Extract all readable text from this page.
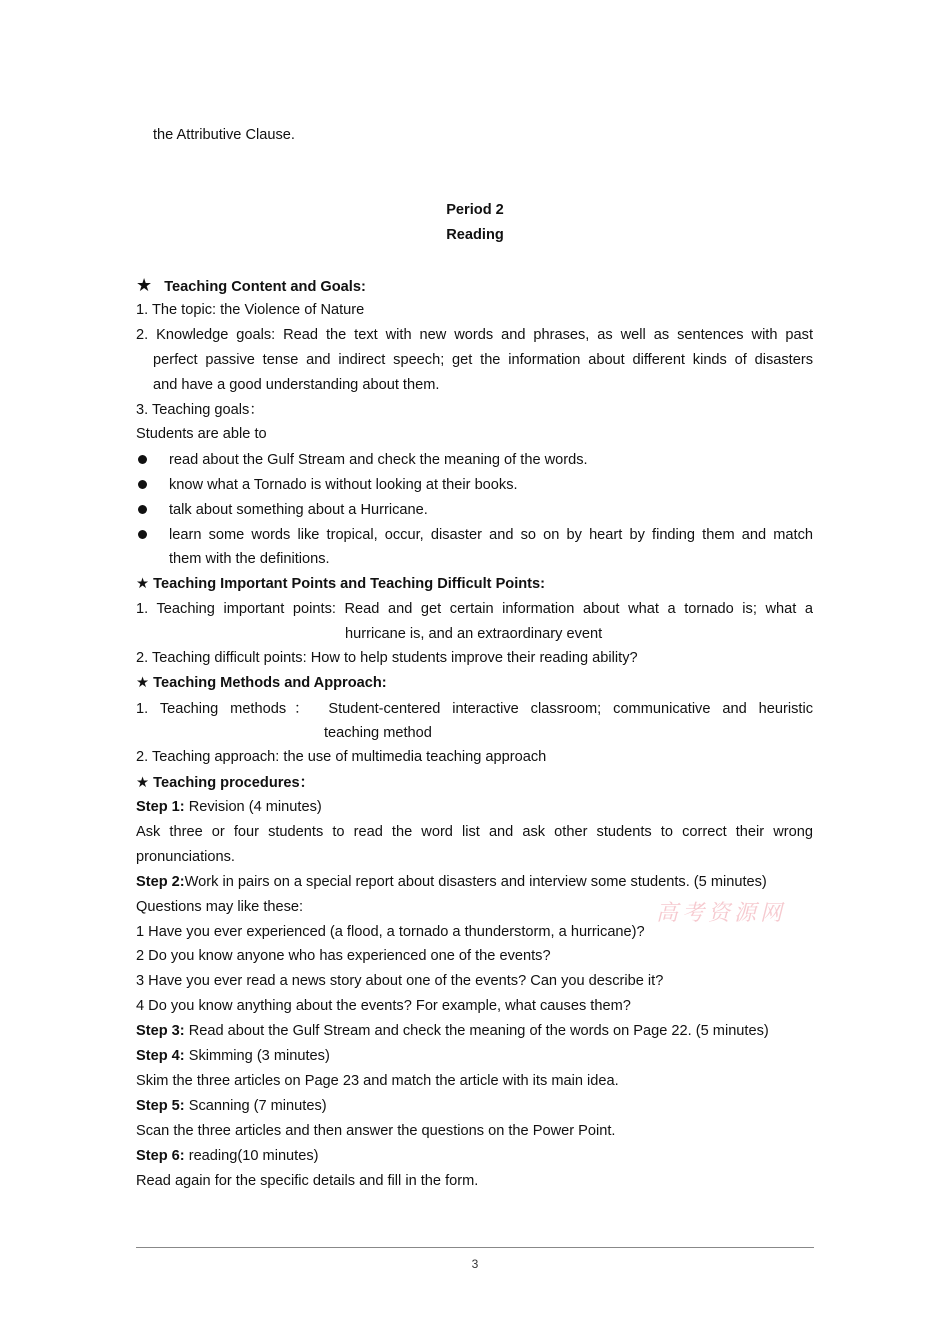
the Attributive Clause.
Period 2
Reading
★ Teaching Content and Goals:
1. The topic: the Violence of Nature
2. Knowledge goals: Read the text with new words and phrases, as well as sentences with past
perfect passive tense and indirect speech; get the information about different kinds of disasters
and have a good understanding about them.
3. Teaching goals：
Students are able to
read about the Gulf Stream and check the meaning of the words.
know what a Tornado is without looking at their books.
talk about something about a Hurricane.
learn some words like tropical, occur, disaster and so on by heart by finding them and match
them with the definitions.
★ Teaching Important Points and Teaching Difficult Points:
1. Teaching important points: Read and get certain information about what a tornado is; what a
hurricane is, and an extraordinary event
2. Teaching difficult points: How to help students improve their reading ability?
★ Teaching Methods and Approach:
1. Teaching methods： Student-centered interactive classroom; communicative and heuristic
teaching method
2. Teaching approach: the use of multimedia teaching approach
★ Teaching procedures：
Step 1: Revision (4 minutes)
Ask three or four students to read the word list and ask other students to correct their wrong
pronunciations.
Step 2:Work in pairs on a special report about disasters and interview some students. (5 minutes)
Questions may like these:	高考资源网
1 Have you ever experienced (a flood, a tornado a thunderstorm, a hurricane)?
2 Do you know anyone who has experienced one of the events?
3 Have you ever read a news story about one of the events? Can you describe it?
4 Do you know anything about the events? For example, what causes them?
Step 3: Read about the Gulf Stream and check the meaning of the words on Page 22. (5 minutes)
Step 4: Skimming (3 minutes)
Skim the three articles on Page 23 and match the article with its main idea.
Step 5: Scanning (7 minutes)
Scan the three articles and then answer the questions on the Power Point.
Step 6: reading(10 minutes)
Read again for the specific details and fill in the form.
3
